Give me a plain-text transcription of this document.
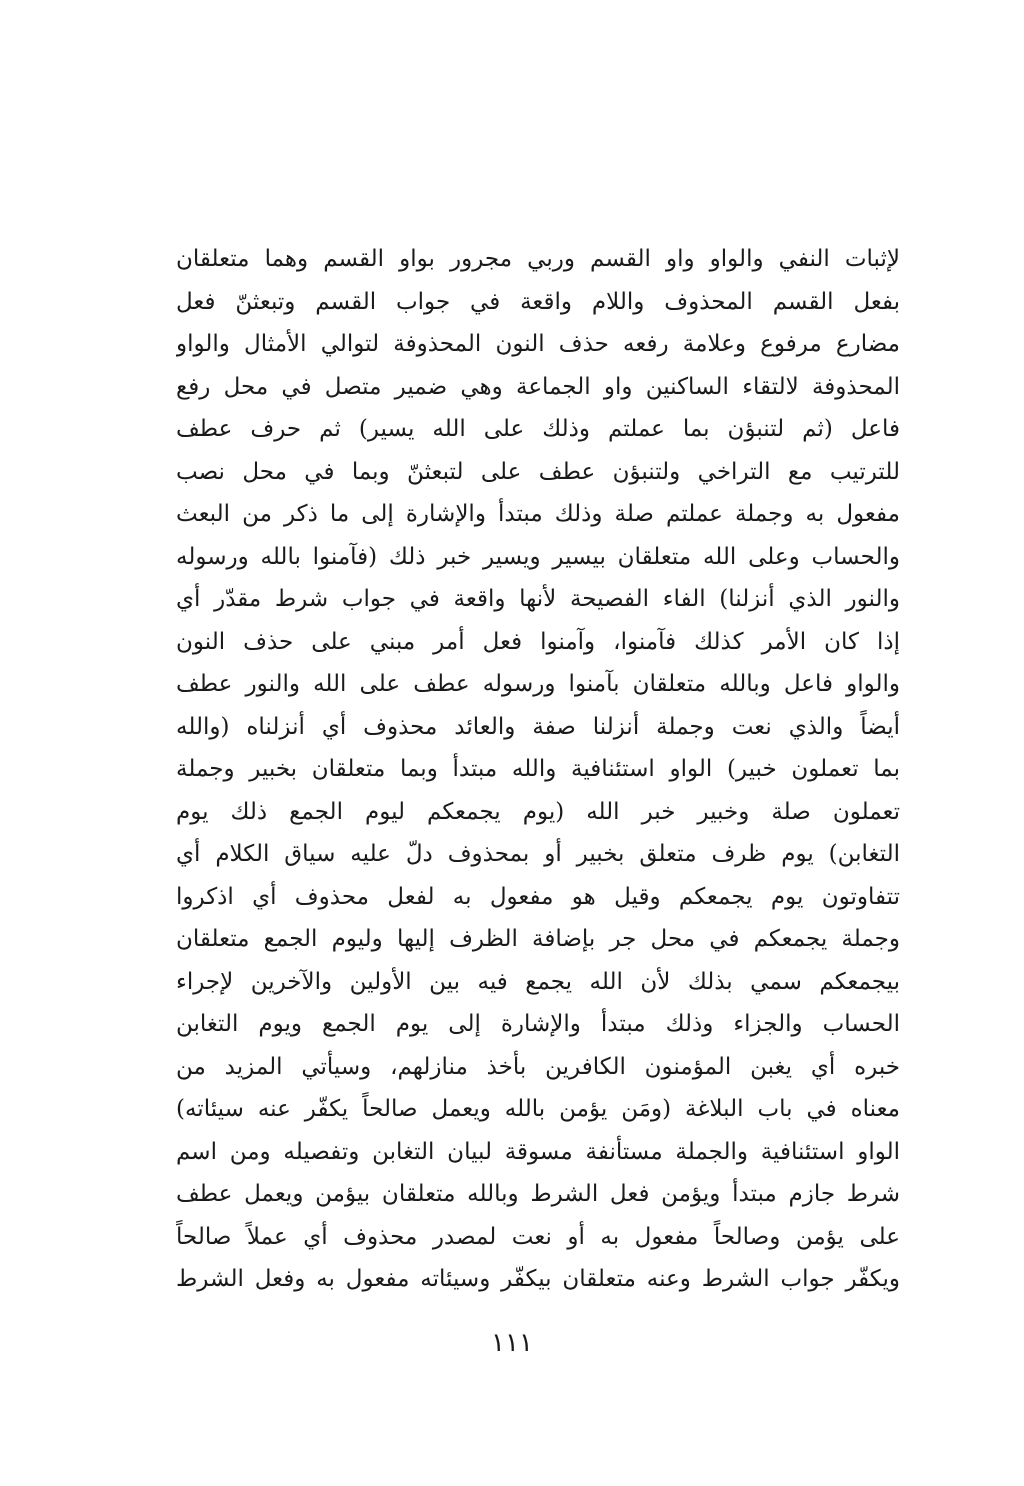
لإثبات النفي والواو واو القسم وربي مجرور بواو القسم وهما متعلقان
بفعل القسم المحذوف واللام واقعة في جواب القسم وتبعثنّ فعل
مضارع مرفوع وعلامة رفعه حذف النون المحذوفة لتوالي الأمثال والواو
المحذوفة لالتقاء الساكنين واو الجماعة وهي ضمير متصل في محل رفع
فاعل (ثم لتنبؤن بما عملتم وذلك على الله يسير) ثم حرف عطف
للترتيب مع التراخي ولتنبؤن عطف على لتبعثنّ وبما في محل نصب
مفعول به وجملة عملتم صلة وذلك مبتدأ والإشارة إلى ما ذكر من البعث
والحساب وعلى الله متعلقان بيسير ويسير خبر ذلك (فآمنوا بالله ورسوله
والنور الذي أنزلنا) الفاء الفصيحة لأنها واقعة في جواب شرط مقدّر أي
إذا كان الأمر كذلك فآمنوا، وآمنوا فعل أمر مبني على حذف النون
والواو فاعل وبالله متعلقان بآمنوا ورسوله عطف على الله والنور عطف
أيضاً والذي نعت وجملة أنزلنا صفة والعائد محذوف أي أنزلناه (والله
بما تعملون خبير) الواو استئنافية والله مبتدأ وبما متعلقان بخبير وجملة
تعملون صلة وخبير خبر الله (يوم يجمعكم ليوم الجمع ذلك يوم
التغابن) يوم ظرف متعلق بخبير أو بمحذوف دلّ عليه سياق الكلام أي
تتفاوتون يوم يجمعكم وقيل هو مفعول به لفعل محذوف أي اذكروا
وجملة يجمعكم في محل جر بإضافة الظرف إليها وليوم الجمع متعلقان
بيجمعكم سمي بذلك لأن الله يجمع فيه بين الأولين والآخرين لإجراء
الحساب والجزاء وذلك مبتدأ والإشارة إلى يوم الجمع ويوم التغابن
خبره أي يغبن المؤمنون الكافرين بأخذ منازلهم، وسيأتي المزيد من
معناه في باب البلاغة (ومَن يؤمن بالله ويعمل صالحاً يكفّر عنه سيئاته)
الواو استئنافية والجملة مستأنفة مسوقة لبيان التغابن وتفصيله ومن اسم
شرط جازم مبتدأ ويؤمن فعل الشرط وبالله متعلقان بيؤمن ويعمل عطف
على يؤمن وصالحاً مفعول به أو نعت لمصدر محذوف أي عملاً صالحاً
ويكفّر جواب الشرط وعنه متعلقان بيكفّر وسيئاته مفعول به وفعل الشرط
١١١
